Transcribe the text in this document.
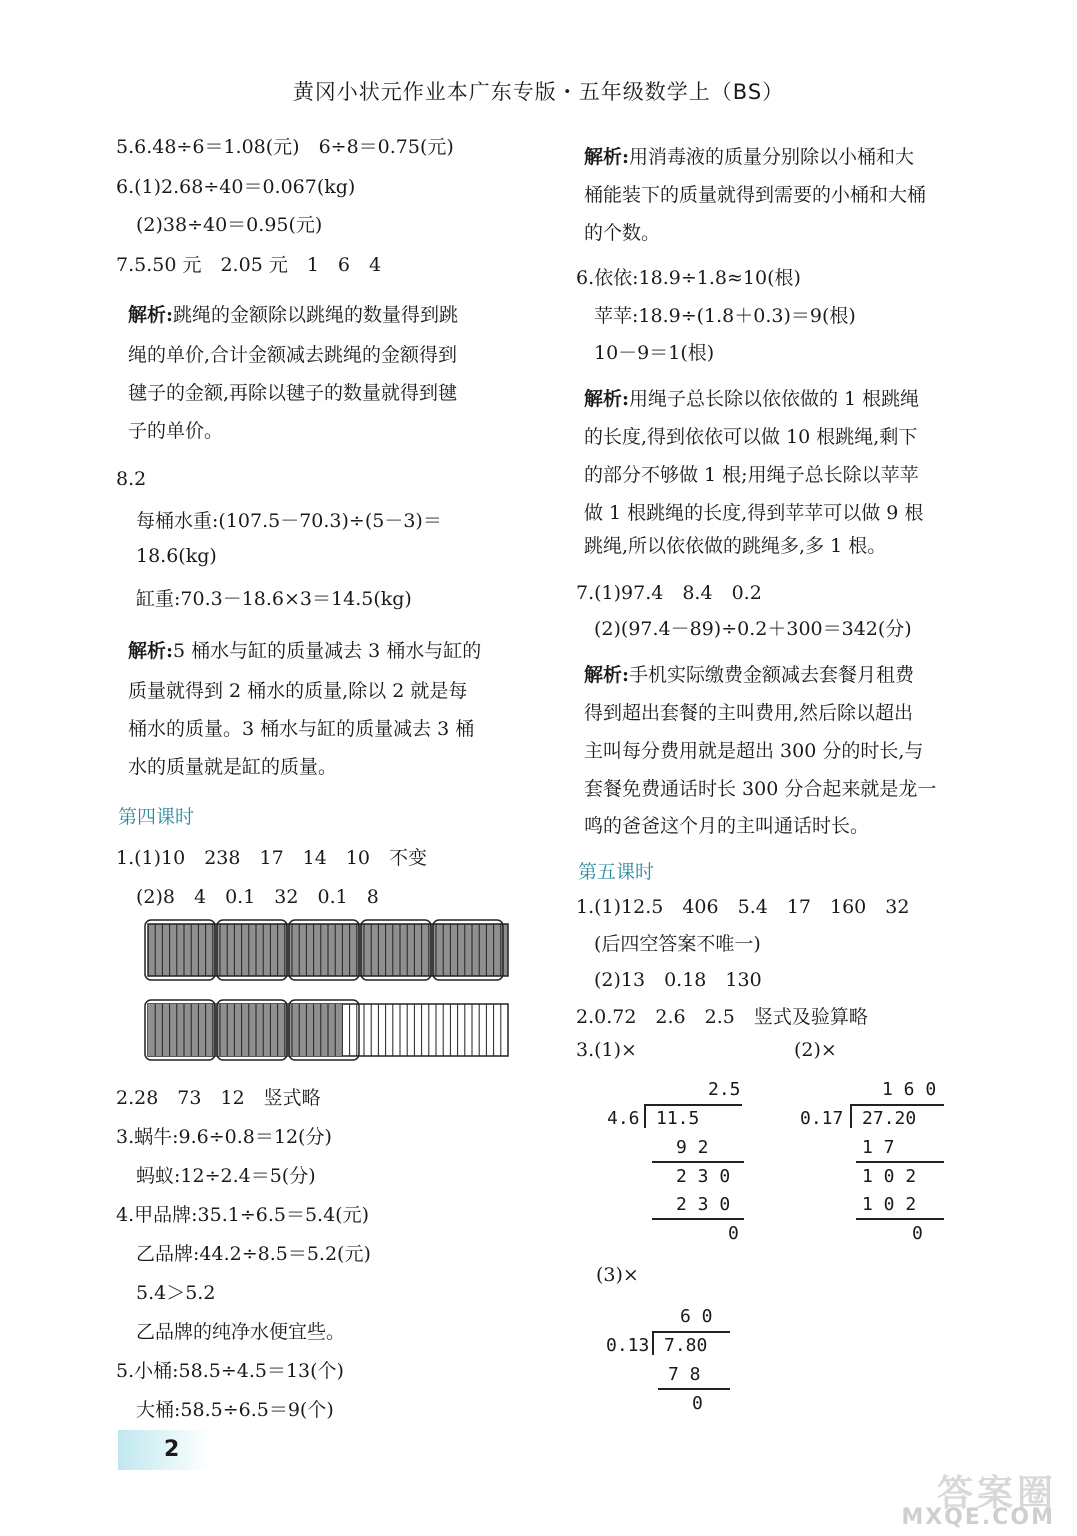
黄冈小状元作业本广东专版・五年级数学上（BS）
5.6.48÷6＝1.08(元)　6÷8＝0.75(元)
6.(1)2.68÷40＝0.067(kg)
(2)38÷40＝0.95(元)
7.5.50 元　2.05 元　1　6　4
解析:跳绳的金额除以跳绳的数量得到跳
绳的单价,合计金额减去跳绳的金额得到
毽子的金额,再除以毽子的数量就得到毽
子的单价。
8.2
每桶水重:(107.5－70.3)÷(5－3)＝
18.6(kg)
缸重:70.3－18.6×3＝14.5(kg)
解析:5 桶水与缸的质量减去 3 桶水与缸的
质量就得到 2 桶水的质量,除以 2 就是每
桶水的质量。3 桶水与缸的质量减去 3 桶
水的质量就是缸的质量。
第四课时
1.(1)10　238　17　14　10　不变
(2)8　4　0.1　32　0.1　8
2.28　73　12　竖式略
3.蜗牛:9.6÷0.8＝12(分)
蚂蚁:12÷2.4＝5(分)
4.甲品牌:35.1÷6.5＝5.4(元)
乙品牌:44.2÷8.5＝5.2(元)
5.4＞5.2
乙品牌的纯净水便宜些。
5.小桶:58.5÷4.5＝13(个)
大桶:58.5÷6.5＝9(个)
解析:用消毒液的质量分别除以小桶和大
桶能装下的质量就得到需要的小桶和大桶
的个数。
6.依依:18.9÷1.8≈10(根)
苹苹:18.9÷(1.8＋0.3)＝9(根)
10－9＝1(根)
解析:用绳子总长除以依依做的 1 根跳绳
的长度,得到依依可以做 10 根跳绳,剩下
的部分不够做 1 根;用绳子总长除以苹苹
做 1 根跳绳的长度,得到苹苹可以做 9 根
跳绳,所以依依做的跳绳多,多 1 根。
7.(1)97.4　8.4　0.2
(2)(97.4－89)÷0.2＋300＝342(分)
解析:手机实际缴费金额减去套餐月租费
得到超出套餐的主叫费用,然后除以超出
主叫每分费用就是超出 300 分的时长,与
套餐免费通话时长 300 分合起来就是龙一
鸣的爸爸这个月的主叫通话时长。
第五课时
1.(1)12.5　406　5.4　17　160　32
(后四空答案不唯一)
(2)13　0.18　130
2.0.72　2.6　2.5　竖式及验算略
3.(1)×	(2)×
2.5
4.6 11.5
9 2
2 3 0
2 3 0
0
1 6 0
0.17 27.20
1 7
1 0 2
1 0 2
0
(3)×
6 0
0.13 7.80
7 8
0
2
答案圈
MXQE.COM
